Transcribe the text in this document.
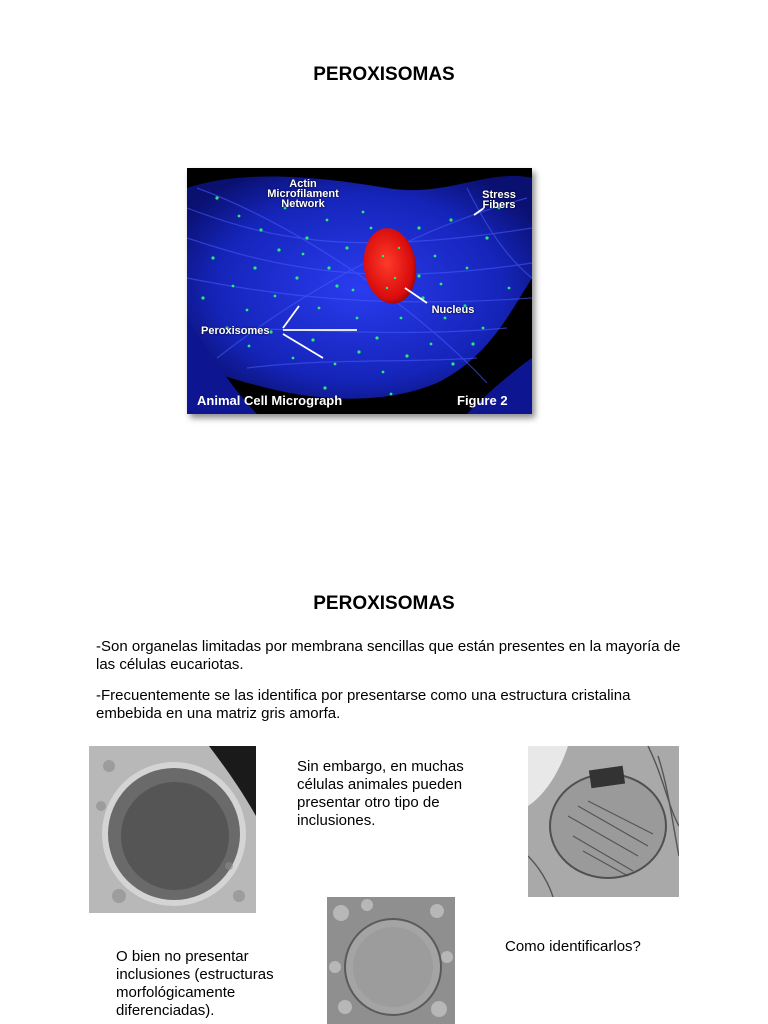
PEROXISOMAS
Actin
Microfilament
Network
Stress
Fibers
Nucleus
Peroxisomes
Animal Cell Micrograph	Figure 2
PEROXISOMAS
-Son organelas limitadas por membrana sencillas que están presentes en la mayoría de las células eucariotas.
-Frecuentemente se las identifica por presentarse como una estructura cristalina embebida en una matriz gris amorfa.
Sin embargo, en muchas células animales pueden presentar otro tipo de inclusiones.
Como identificarlos?
O bien no presentar inclusiones (estructuras morfológicamente diferenciadas).
